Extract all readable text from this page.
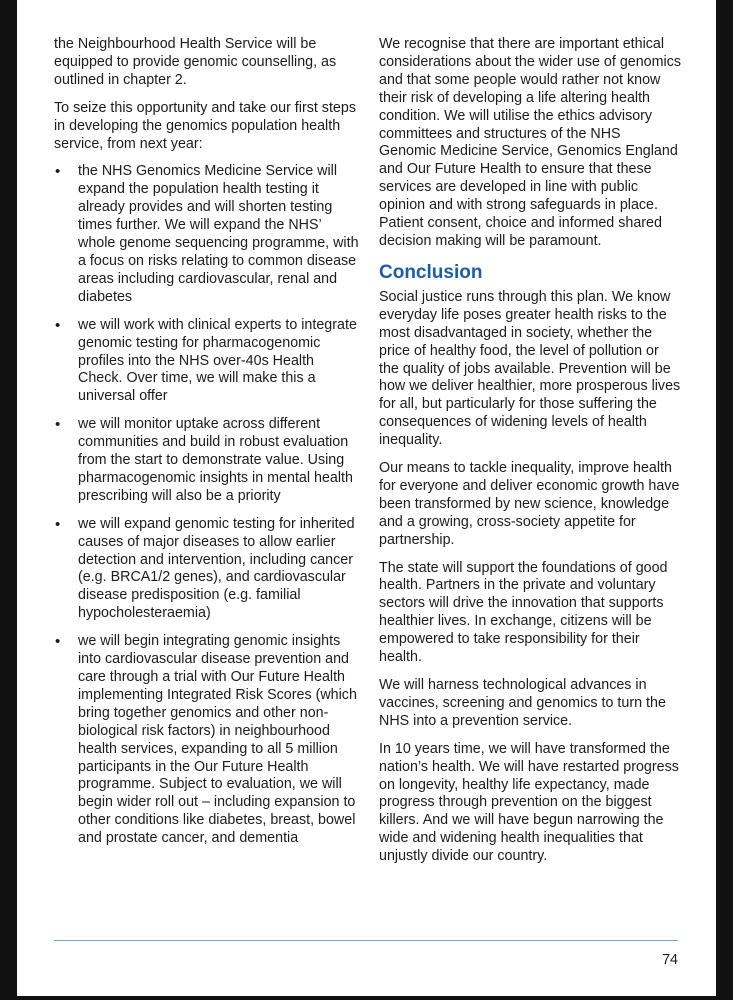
the Neighbourhood Health Service will be equipped to provide genomic counselling, as outlined in chapter 2.

To seize this opportunity and take our first steps in developing the genomics population health service, from next year:

• the NHS Genomics Medicine Service will expand the population health testing it already provides and will shorten testing times further. We will expand the NHS’ whole genome sequencing programme, with a focus on risks relating to common disease areas including cardiovascular, renal and diabetes
• we will work with clinical experts to integrate genomic testing for pharmacogenomic profiles into the NHS over-40s Health Check. Over time, we will make this a universal offer
• we will monitor uptake across different communities and build in robust evaluation from the start to demonstrate value. Using pharmacogenomic insights in mental health prescribing will also be a priority
• we will expand genomic testing for inherited causes of major diseases to allow earlier detection and intervention, including cancer (e.g. BRCA1/2 genes), and cardiovascular disease predisposition (e.g. familial hypocholesteraemia)
• we will begin integrating genomic insights into cardiovascular disease prevention and care through a trial with Our Future Health implementing Integrated Risk Scores (which bring together genomics and other non-biological risk factors) in neighbourhood health services, expanding to all 5 million participants in the Our Future Health programme. Subject to evaluation, we will begin wider roll out – including expansion to other conditions like diabetes, breast, bowel and prostate cancer, and dementia

We recognise that there are important ethical considerations about the wider use of genomics and that some people would rather not know their risk of developing a life altering health condition. We will utilise the ethics advisory committees and structures of the NHS Genomic Medicine Service, Genomics England and Our Future Health to ensure that these services are developed in line with public opinion and with strong safeguards in place. Patient consent, choice and informed shared decision making will be paramount.

Conclusion

Social justice runs through this plan. We know everyday life poses greater health risks to the most disadvantaged in society, whether the price of healthy food, the level of pollution or the quality of jobs available. Prevention will be how we deliver healthier, more prosperous lives for all, but particularly for those suffering the consequences of widening levels of health inequality.

Our means to tackle inequality, improve health for everyone and deliver economic growth have been transformed by new science, knowledge and a growing, cross-society appetite for partnership.

The state will support the foundations of good health. Partners in the private and voluntary sectors will drive the innovation that supports healthier lives. In exchange, citizens will be empowered to take responsibility for their health.

We will harness technological advances in vaccines, screening and genomics to turn the NHS into a prevention service.

In 10 years time, we will have transformed the nation’s health. We will have restarted progress on longevity, healthy life expectancy, made progress through prevention on the biggest killers. And we will have begun narrowing the wide and widening health inequalities that unjustly divide our country.

74
